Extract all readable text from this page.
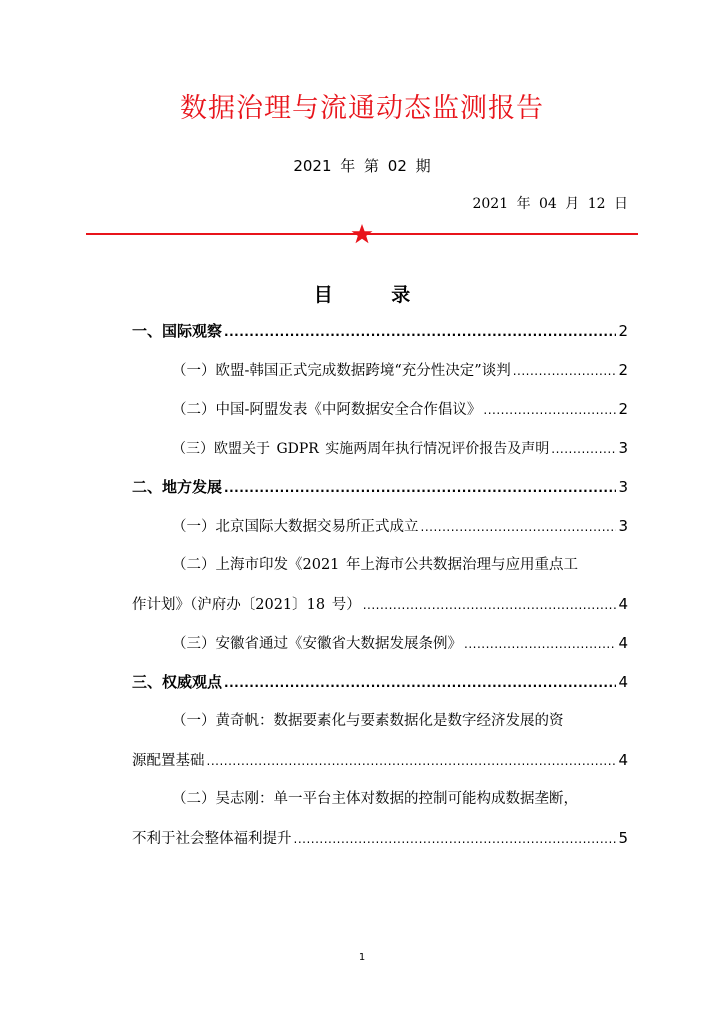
数据治理与流通动态监测报告
2021 年 第 02 期
2021 年 04 月 12 日
目 录
一、国际观察 .....	2
（一）欧盟-韩国正式完成数据跨境“充分性决定”谈判 .....	2
（二）中国-阿盟发表《中阿数据安全合作倡议》 .....	2
（三）欧盟关于 GDPR 实施两周年执行情况评价报告及声明 .....	3
二、地方发展 .....	3
（一）北京国际大数据交易所正式成立 .....	3
（二）上海市印发《2021 年上海市公共数据治理与应用重点工
作计划》（沪府办〔2021〕18 号） .....	4
（三）安徽省通过《安徽省大数据发展条例》 .....	4
三、权威观点 .....	4
（一）黄奇帆：数据要素化与要素数据化是数字经济发展的资
源配置基础 .....	4
（二）吴志刚：单一平台主体对数据的控制可能构成数据垄断，
不利于社会整体福利提升 .....	5
1
